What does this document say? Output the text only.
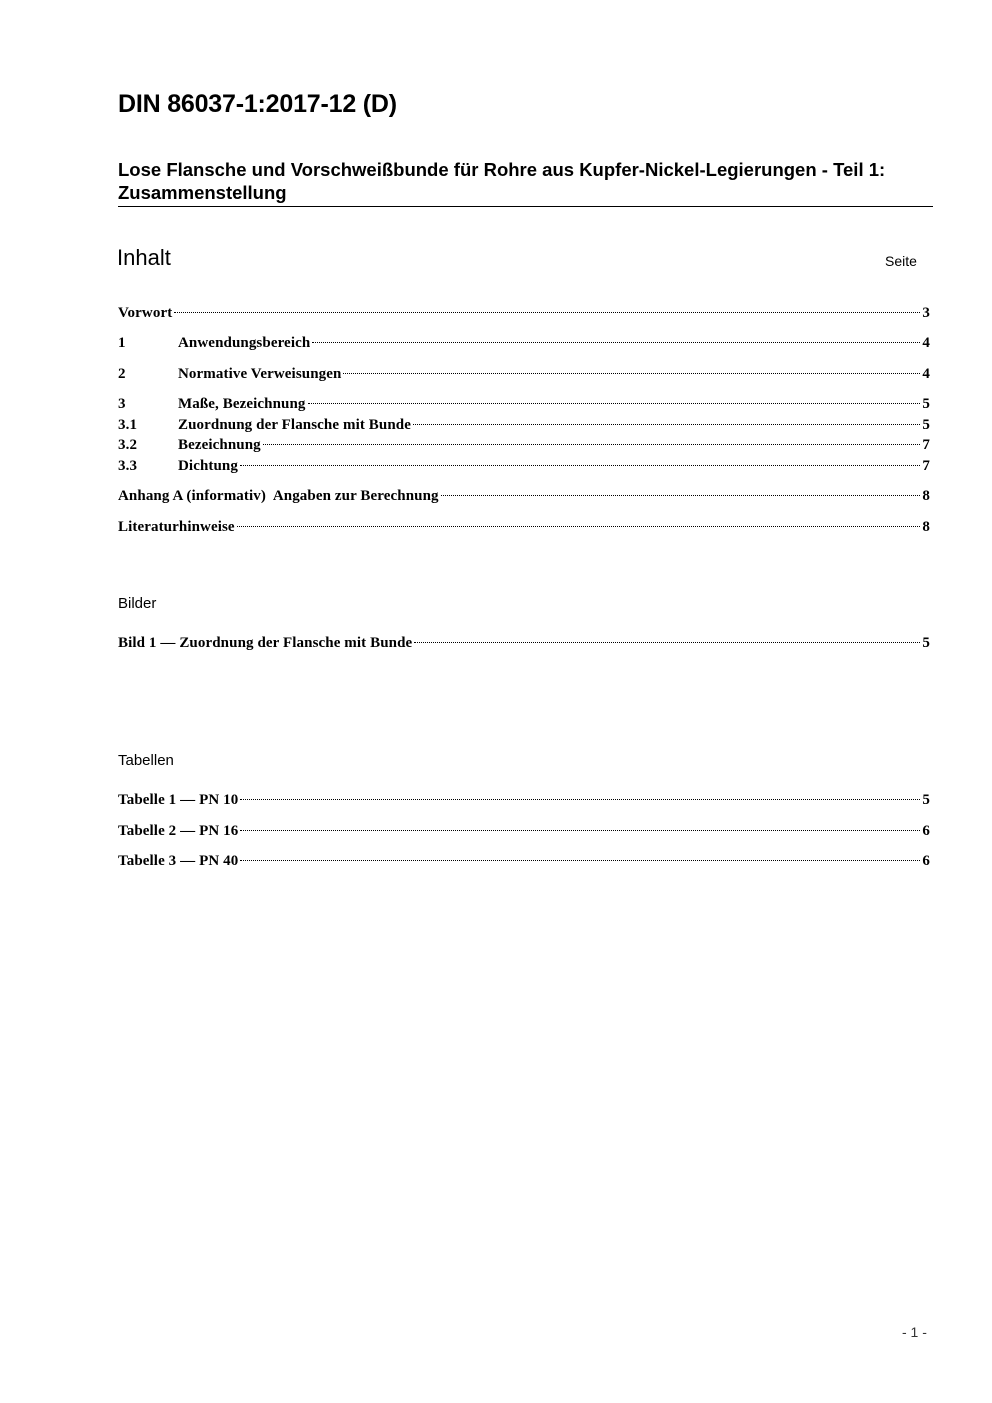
DIN 86037-1:2017-12 (D)
Lose Flansche und Vorschweißbunde für Rohre aus Kupfer-Nickel-Legierungen - Teil 1: Zusammenstellung
Inhalt	Seite
Vorwort	3
1	Anwendungsbereich	4
2	Normative Verweisungen	4
3	Maße, Bezeichnung	5
3.1	Zuordnung der Flansche mit Bunde	5
3.2	Bezeichnung	7
3.3	Dichtung	7
Anhang A (informativ)  Angaben zur Berechnung	8
Literaturhinweise	8
Bilder
Bild 1 — Zuordnung der Flansche mit Bunde	5
Tabellen
Tabelle 1 — PN 10	5
Tabelle 2 — PN 16	6
Tabelle 3 — PN 40	6
- 1 -
